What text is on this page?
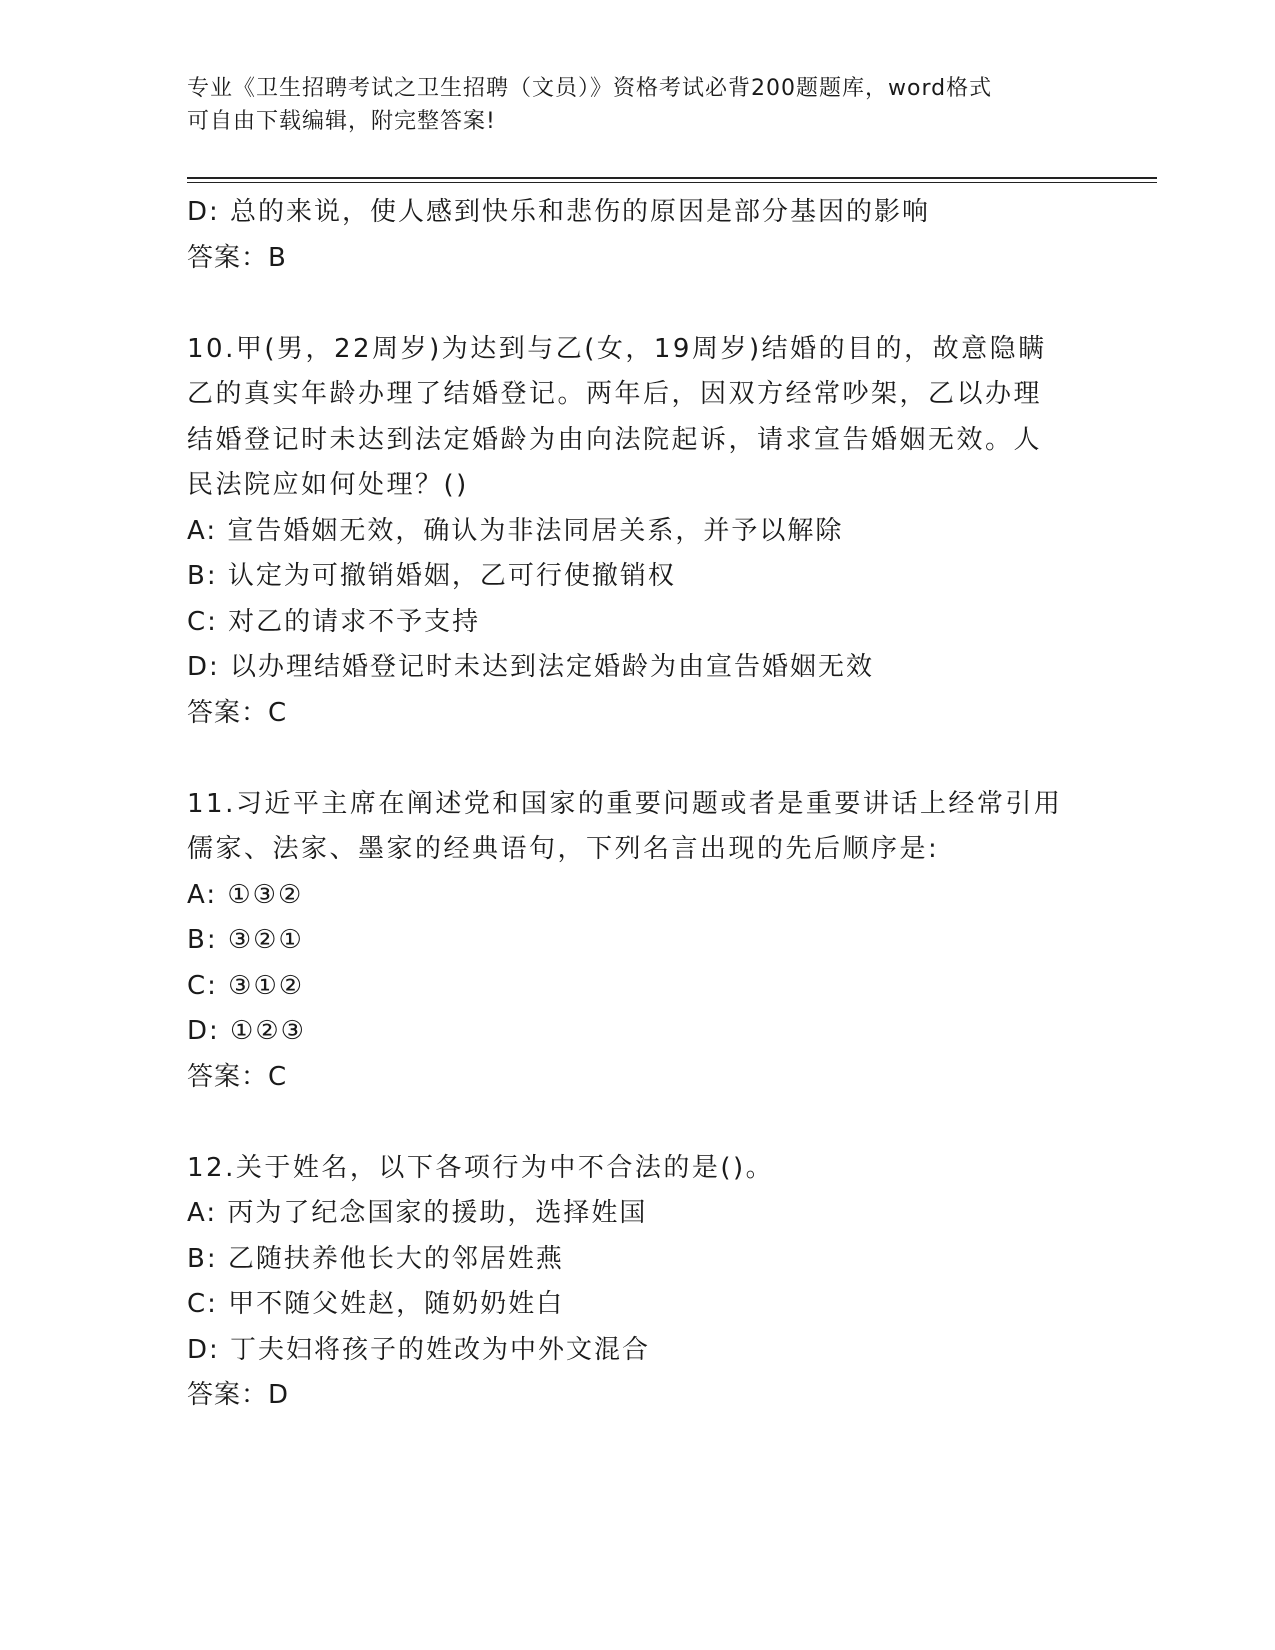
专业《卫生招聘考试之卫生招聘（文员）》资格考试必背200题题库，word格式
可自由下载编辑，附完整答案!
D: 总的来说，使人感到快乐和悲伤的原因是部分基因的影响
答案：B
10.甲(男，22周岁)为达到与乙(女，19周岁)结婚的目的，故意隐瞒
乙的真实年龄办理了结婚登记。两年后，因双方经常吵架，乙以办理
结婚登记时未达到法定婚龄为由向法院起诉，请求宣告婚姻无效。人
民法院应如何处理？()
A: 宣告婚姻无效，确认为非法同居关系，并予以解除
B: 认定为可撤销婚姻，乙可行使撤销权
C: 对乙的请求不予支持
D: 以办理结婚登记时未达到法定婚龄为由宣告婚姻无效
答案：C
11.习近平主席在阐述党和国家的重要问题或者是重要讲话上经常引用
儒家、法家、墨家的经典语句，下列名言出现的先后顺序是:
A: ①③②
B: ③②①
C: ③①②
D: ①②③
答案：C
12.关于姓名，以下各项行为中不合法的是()。
A: 丙为了纪念国家的援助，选择姓国
B: 乙随扶养他长大的邻居姓燕
C: 甲不随父姓赵，随奶奶姓白
D: 丁夫妇将孩子的姓改为中外文混合
答案：D
